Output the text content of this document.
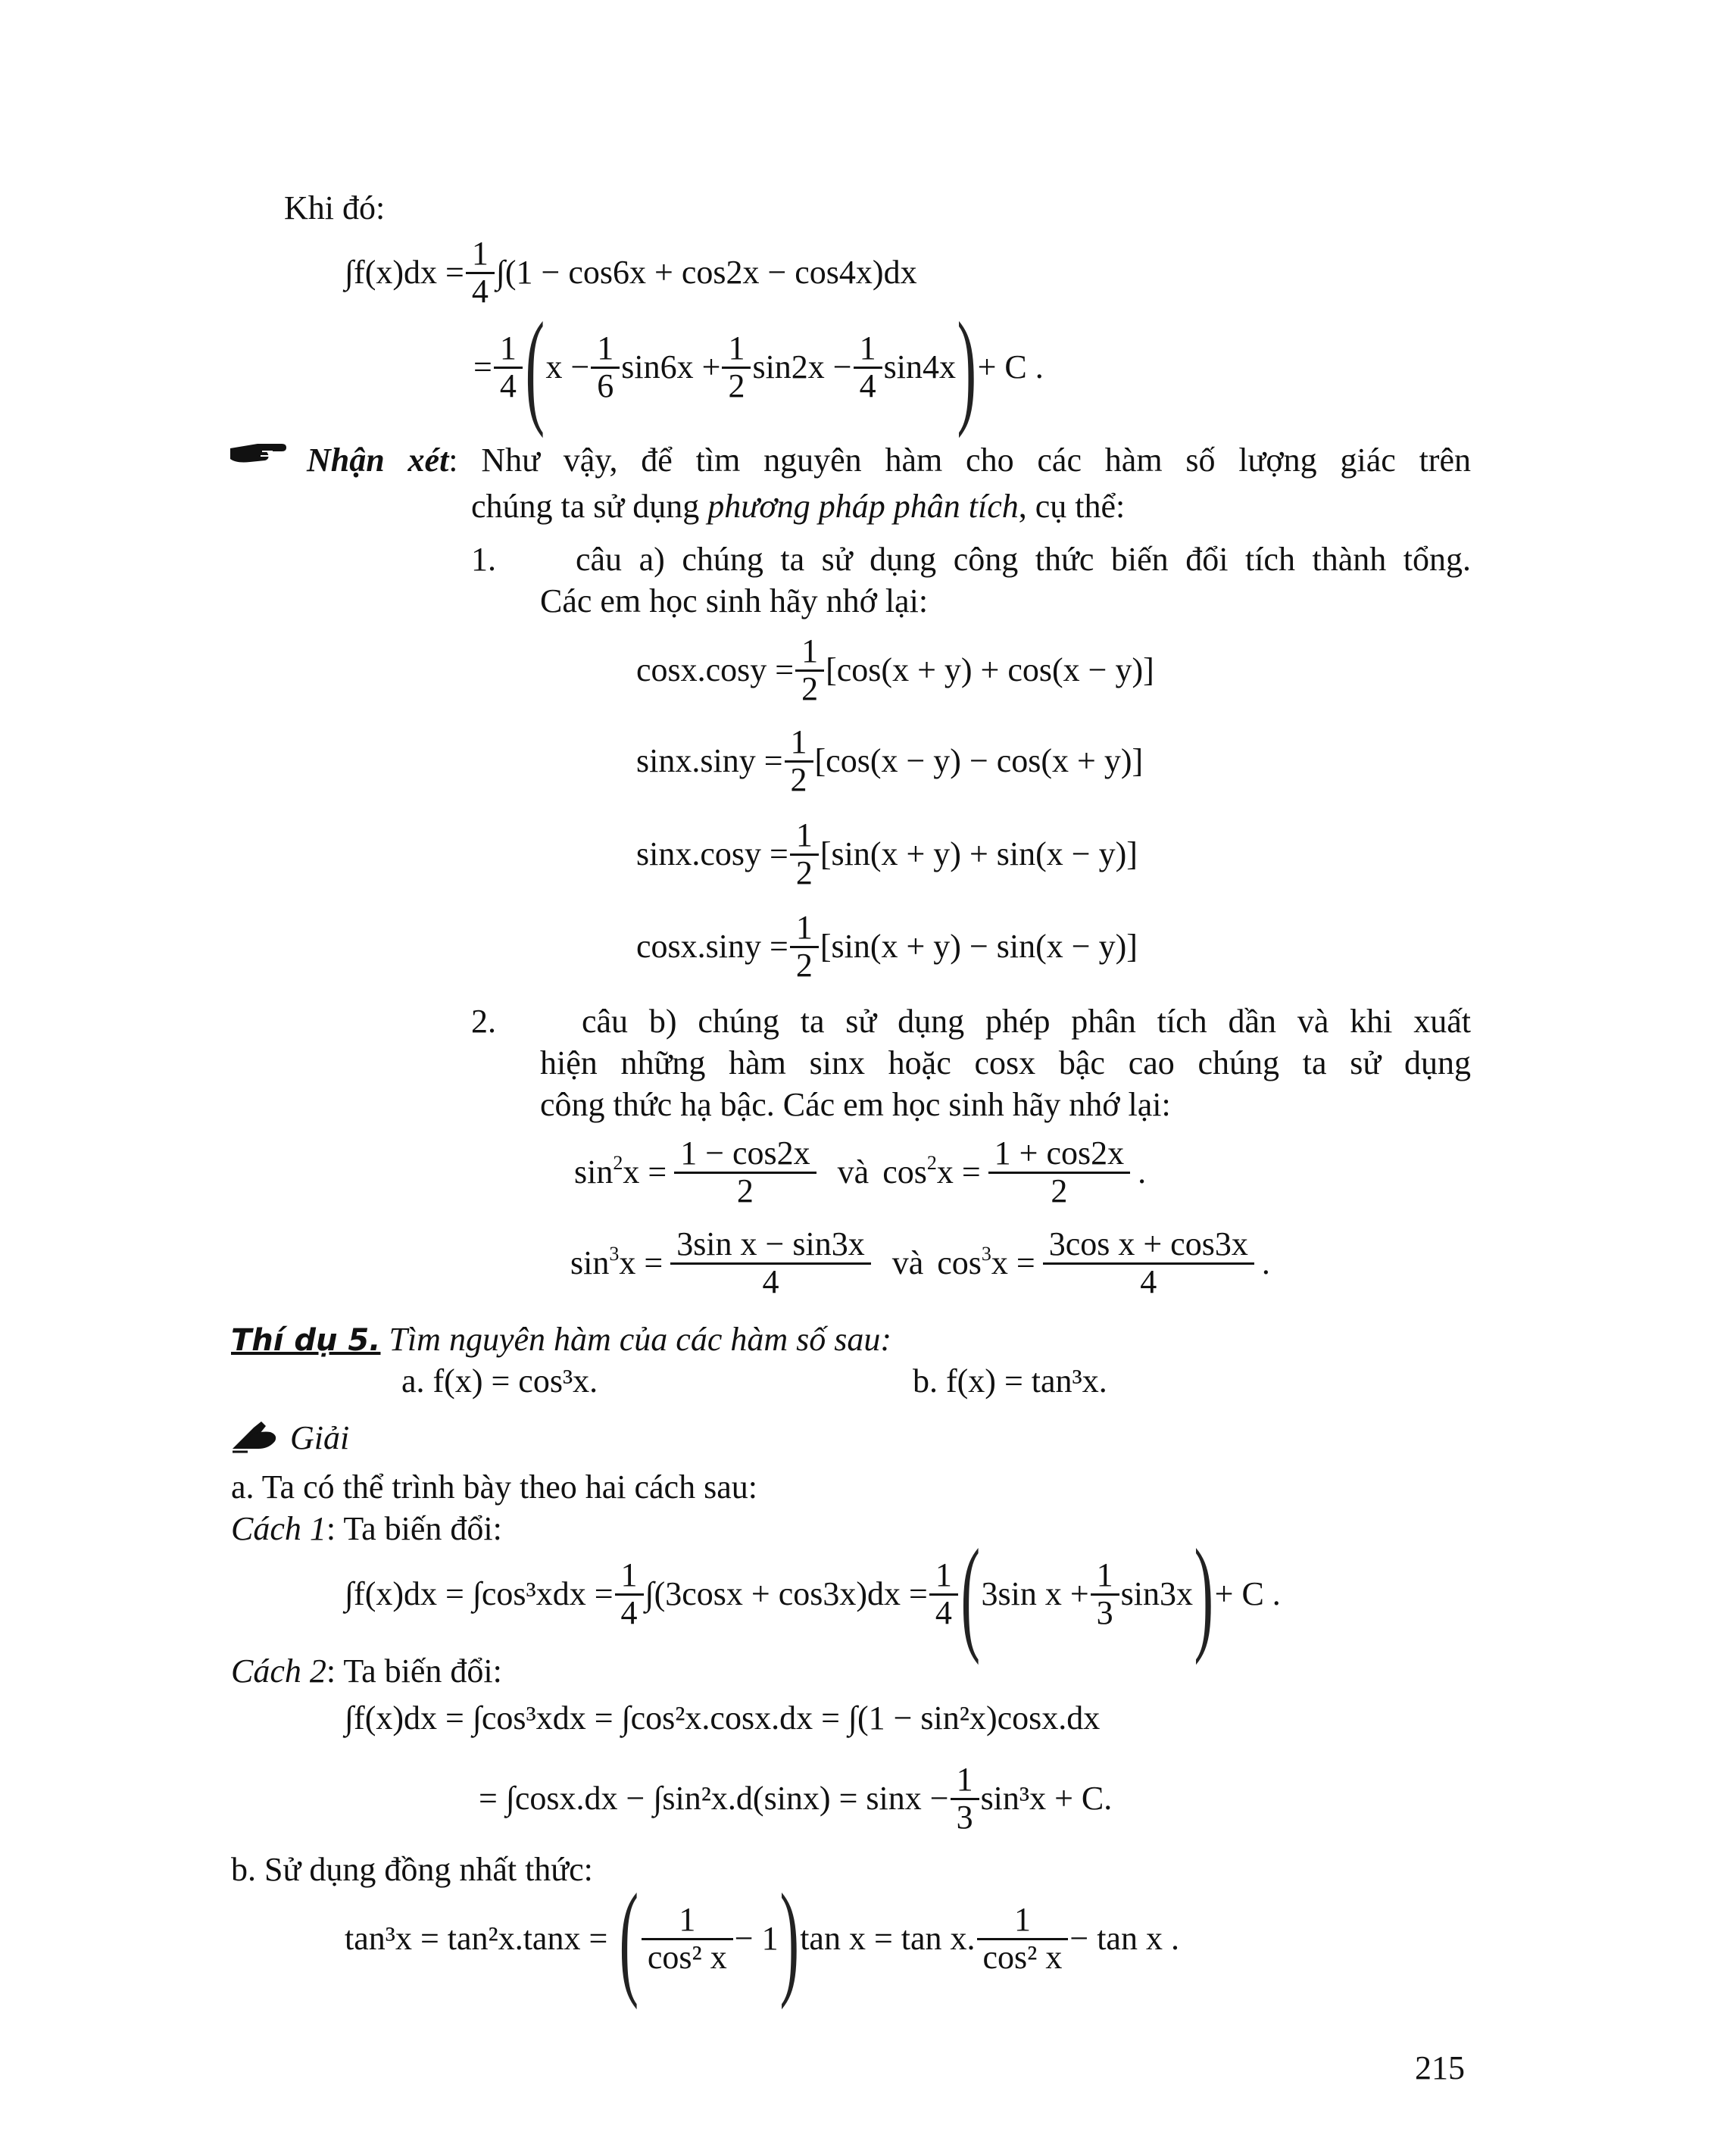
Khi đó:
$\int f(x)dx = \frac{1}{4} \int(1 - \cos 6x + \cos 2x - \cos 4x)dx$
= $\frac{1}{4}$ ( $x - \frac{1}{6} \sin 6x + \frac{1}{2} \sin 2x - \frac{1}{4} \sin 4x$ ) + C .
Nhận xét: Như vậy, để tìm nguyên hàm cho các hàm số lượng giác trên
chúng ta sử dụng phương pháp phân tích, cụ thể:
1. câu a) chúng ta sử dụng công thức biến đổi tích thành tổng.
Các em học sinh hãy nhớ lại:
$\cos x.\cos y = \frac{1}{2} [\cos(x + y) + \cos(x - y)]$
$\sin x.\sin y = \frac{1}{2} [\cos(x - y) - \cos(x + y)]$
$\sin x.\cos y = \frac{1}{2} [\sin(x + y) + \sin(x - y)]$
$\cos x.\sin y = \frac{1}{2} [\sin(x + y) - \sin(x - y)]$
2.	câu b) chúng ta sử dụng phép phân tích dần và khi xuất
hiện những hàm sinx hoặc cosx bậc cao chúng ta sử dụng
công thức hạ bậc. Các em học sinh hãy nhớ lại:
$\sin^2x = \frac{1 - \cos 2x}{2}$ và $\cos^2x = \frac{1 + \cos 2x}{2}$ .
$\sin^3x = \frac{\text{3sin x − sin3x}}{4}$ và $\cos^3x = \frac{\text{3cos x + cos3x}}{4}$ .
Thí dụ 5. Tìm nguyên hàm của các hàm số sau:
a. f(x) = cos³x.	b. f(x) = tan³x.
Giải
a. Ta có thể trình bày theo hai cách sau:
Cách 1: Ta biến đổi:
$\int f(x)dx = \int\cos^3xdx = \frac{1}{4} \int(3\cos x + \cos 3x)dx = \frac{1}{4}$ ( 3sin $x + \frac{1}{3} \sin 3x$ ) + C .
Cách 2: Ta biến đổi:
∫f(x)dx = ∫cos³xdx = ∫cos²x.cosx.dx = ∫(1 − sin²x)cosx.dx
= $\int\cos x.dx - \int\sin^2x.d(\sin x) = \sin x - \frac{1}{3} \sin^3x + C$.
b. Sử dụng đồng nhất thức:
tan³x = tan²x.tanx = ( $\frac{1}{\text{cos² x}} - 1$ ) tan x = tan x. $\frac{1}{\text{cos² x}} - \tan x$ .
215
